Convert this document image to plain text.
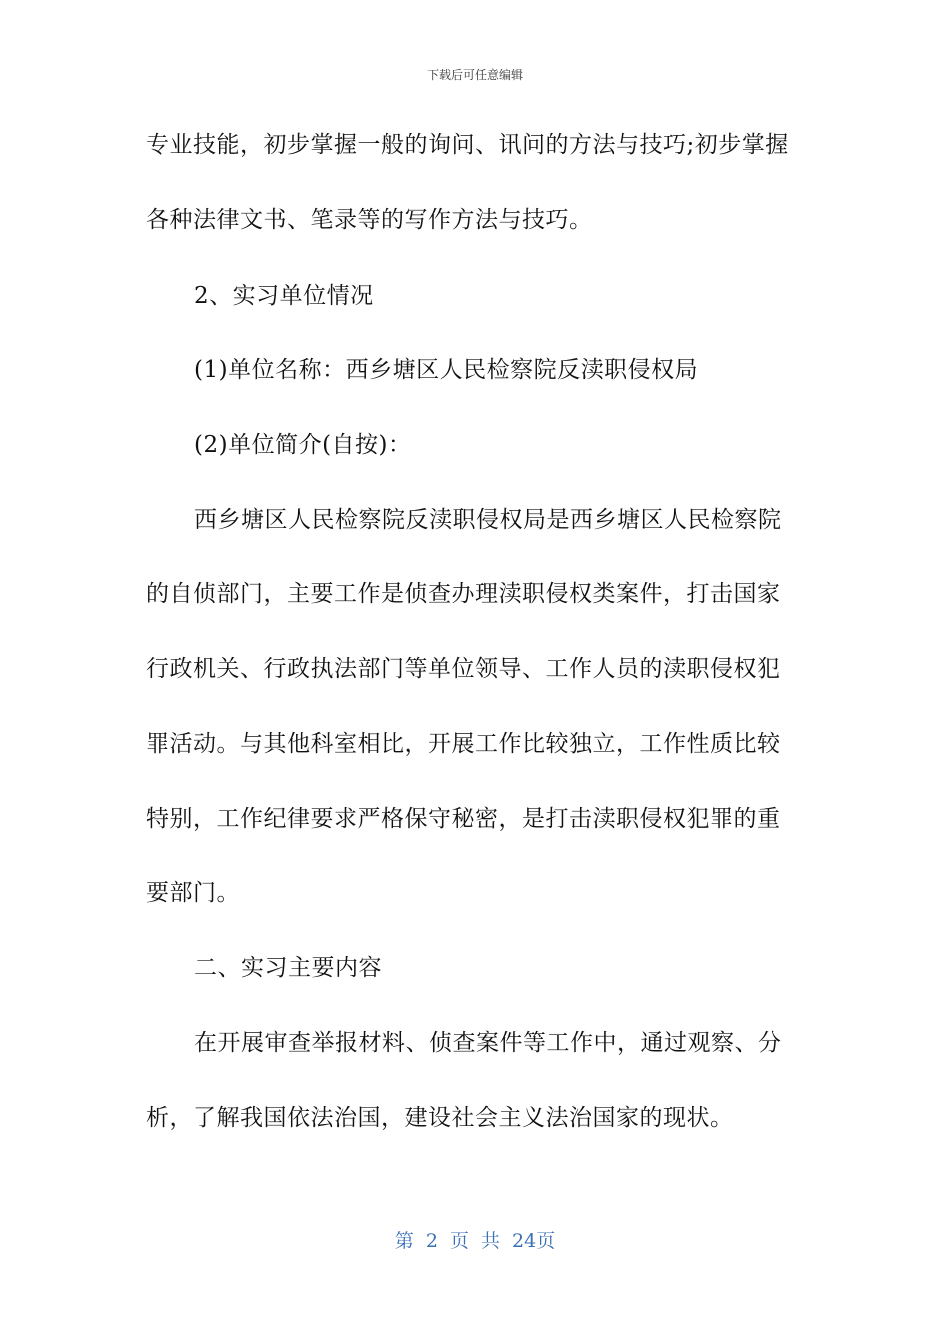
下载后可任意编辑
专业技能，初步掌握一般的询问、讯问的方法与技巧;初步掌握
各种法律文书、笔录等的写作方法与技巧。
2、实习单位情况
(1)单位名称：西乡塘区人民检察院反渎职侵权局
(2)单位简介(自按)：
西乡塘区人民检察院反渎职侵权局是西乡塘区人民检察院
的自侦部门，主要工作是侦查办理渎职侵权类案件，打击国家
行政机关、行政执法部门等单位领导、工作人员的渎职侵权犯
罪活动。与其他科室相比，开展工作比较独立，工作性质比较
特别，工作纪律要求严格保守秘密，是打击渎职侵权犯罪的重
要部门。
二、实习主要内容
在开展审查举报材料、侦查案件等工作中，通过观察、分
析，了解我国依法治国，建设社会主义法治国家的现状。
第 2 页 共 24页
